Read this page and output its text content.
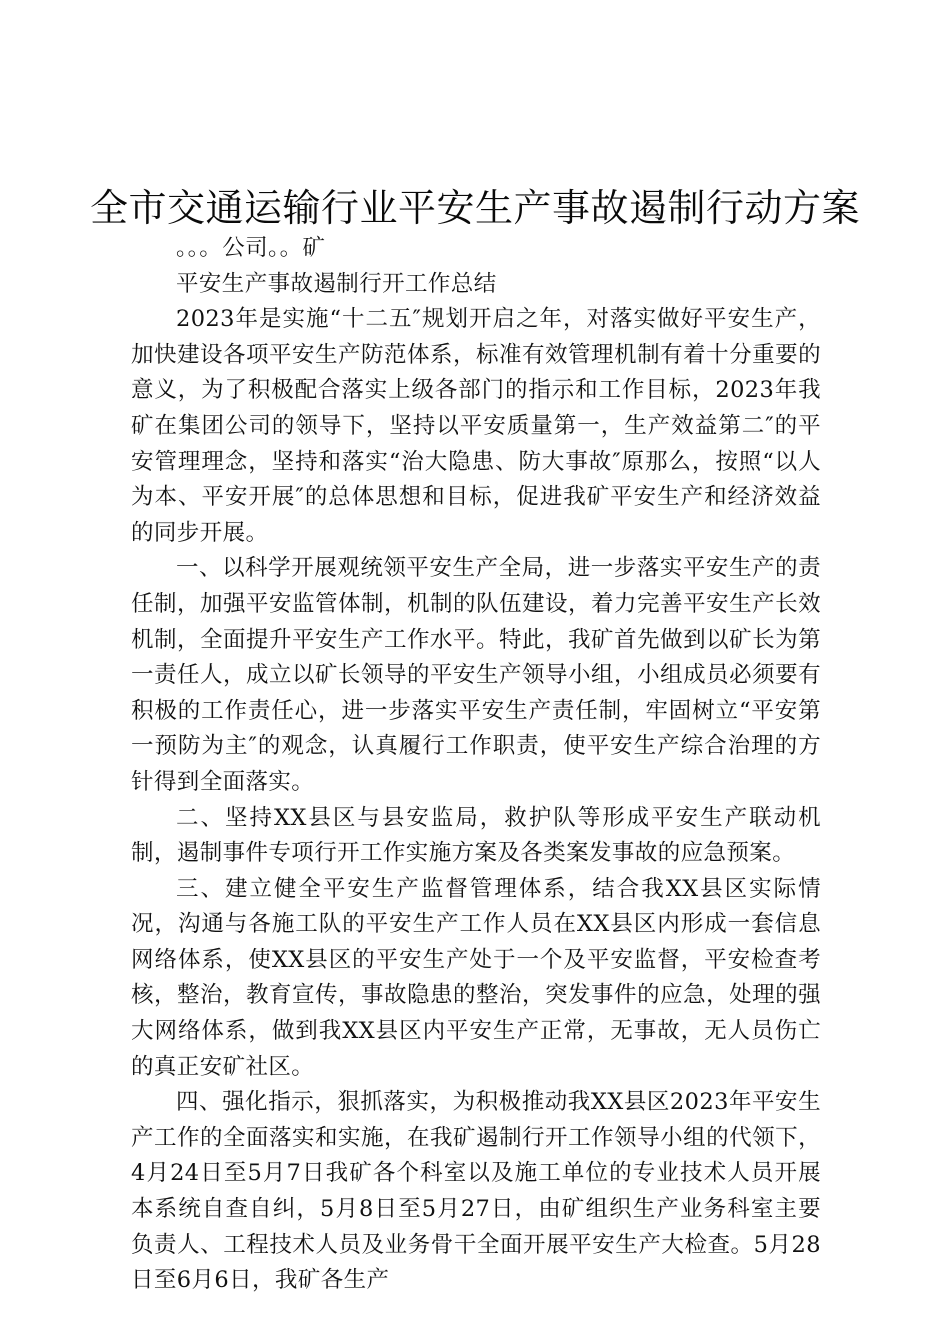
全市交通运输行业平安生产事故遏制行动方案

。。。公司。。矿

平安生产事故遏制行开工作总结

2023年是实施“十二五″规划开启之年，对落实做好平安生产，加快建设各项平安生产防范体系，标准有效管理机制有着十分重要的意义，为了积极配合落实上级各部门的指示和工作目标，2023年我矿在集团公司的领导下，坚持以平安质量第一，生产效益第二″的平安管理理念，坚持和落实“治大隐患、防大事故″原那么，按照“以人为本、平安开展″的总体思想和目标，促进我矿平安生产和经济效益的同步开展。

一、以科学开展观统领平安生产全局，进一步落实平安生产的责任制，加强平安监管体制，机制的队伍建设，着力完善平安生产长效机制，全面提升平安生产工作水平。特此，我矿首先做到以矿长为第一责任人，成立以矿长领导的平安生产领导小组，小组成员必须要有积极的工作责任心，进一步落实平安生产责任制，牢固树立“平安第一预防为主″的观念，认真履行工作职责，使平安生产综合治理的方针得到全面落实。

二、坚持XX县区与县安监局，救护队等形成平安生产联动机制，遏制事件专项行开工作实施方案及各类案发事故的应急预案。

三、建立健全平安生产监督管理体系，结合我XX县区实际情况，沟通与各施工队的平安生产工作人员在XX县区内形成一套信息网络体系，使XX县区的平安生产处于一个及平安监督，平安检查考核，整治，教育宣传，事故隐患的整治，突发事件的应急，处理的强大网络体系，做到我XX县区内平安生产正常，无事故，无人员伤亡的真正安矿社区。

四、强化指示，狠抓落实，为积极推动我XX县区2023年平安生产工作的全面落实和实施，在我矿遏制行开工作领导小组的代领下，4月24日至5月7日我矿各个科室以及施工单位的专业技术人员开展本系统自查自纠，5月8日至5月27日，由矿组织生产业务科室主要负责人、工程技术人员及业务骨干全面开展平安生产大检查。5月28日至6月6日，我矿各生产
